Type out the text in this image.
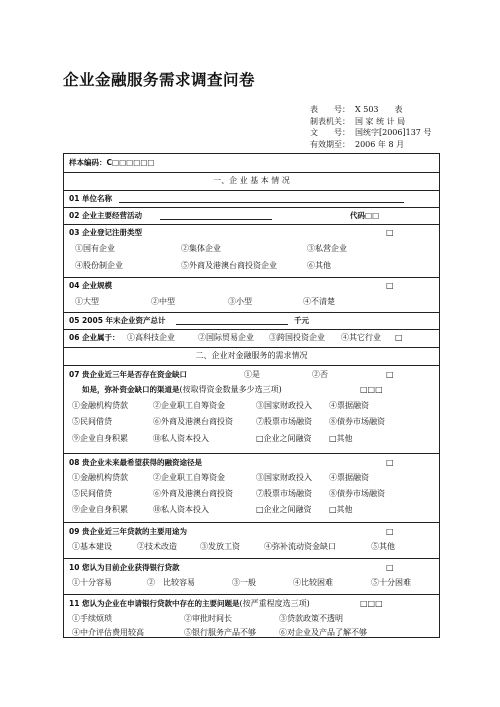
企业金融服务需求调查问卷
表　　号： X 503　　表
制表机关： 国 家 统 计 局
文　　号： 国统字[2006]137 号
有效期至： 2006 年 8 月
样本编码：C□□□□□□
一、企 业 基 本 情 况
01 单位名称
02 企业主要经营活动	代码□□
03 企业登记注册类型	□
①国有企业	②集体企业	③私营企业
④股份制企业	⑤外商及港澳台商投资企业	⑥其他
04 企业规模	□
①大型	②中型	③小型	④不清楚
05 2005 年末企业资产总计	千元
06 企业属于： ①高科技企业	②国际贸易企业 ③跨国投资企业 ④其它行业 □
二、企业对金融服务的需求情况
07 贵企业近三年是否存在资金缺口	①是	②否	□
如是，弥补资金缺口的渠道是(按取得资金数量多少选三项)	□□□
①金融机构贷款	②企业职工自筹资金	③国家财政投入 ④票据融资
⑤民间借贷	⑥外商及港澳台商投资	⑦股票市场融资 ⑧债券市场融资
⑨企业自身积累	⑩私人资本投入	□企业之间融资 □其他
08 贵企业未来最希望获得的融资途径是	□
①金融机构贷款	②企业职工自筹资金	③国家财政投入 ④票据融资
⑤民间借贷	⑥外商及港澳台商投资	⑦股票市场融资 ⑧债券市场融资
⑨企业自身积累	⑩私人资本投入	□企业之间融资 □其他
09 贵企业近三年贷款的主要用途为	□
①基本建设	②技术改造	③发放工资	④弥补流动资金缺口	⑤其他
10 您认为目前企业获得银行贷款	□
①十分容易	②　比较容易	③一般	④比较困难	⑤十分困难
11 您认为企业在申请银行贷款中存在的主要问题是(按严重程度选三项)	□□□
①手续烦琐	②审批时间长	③贷款政策不透明
④中介评估费用较高	⑤银行服务产品不够	⑥对企业及产品了解不够
